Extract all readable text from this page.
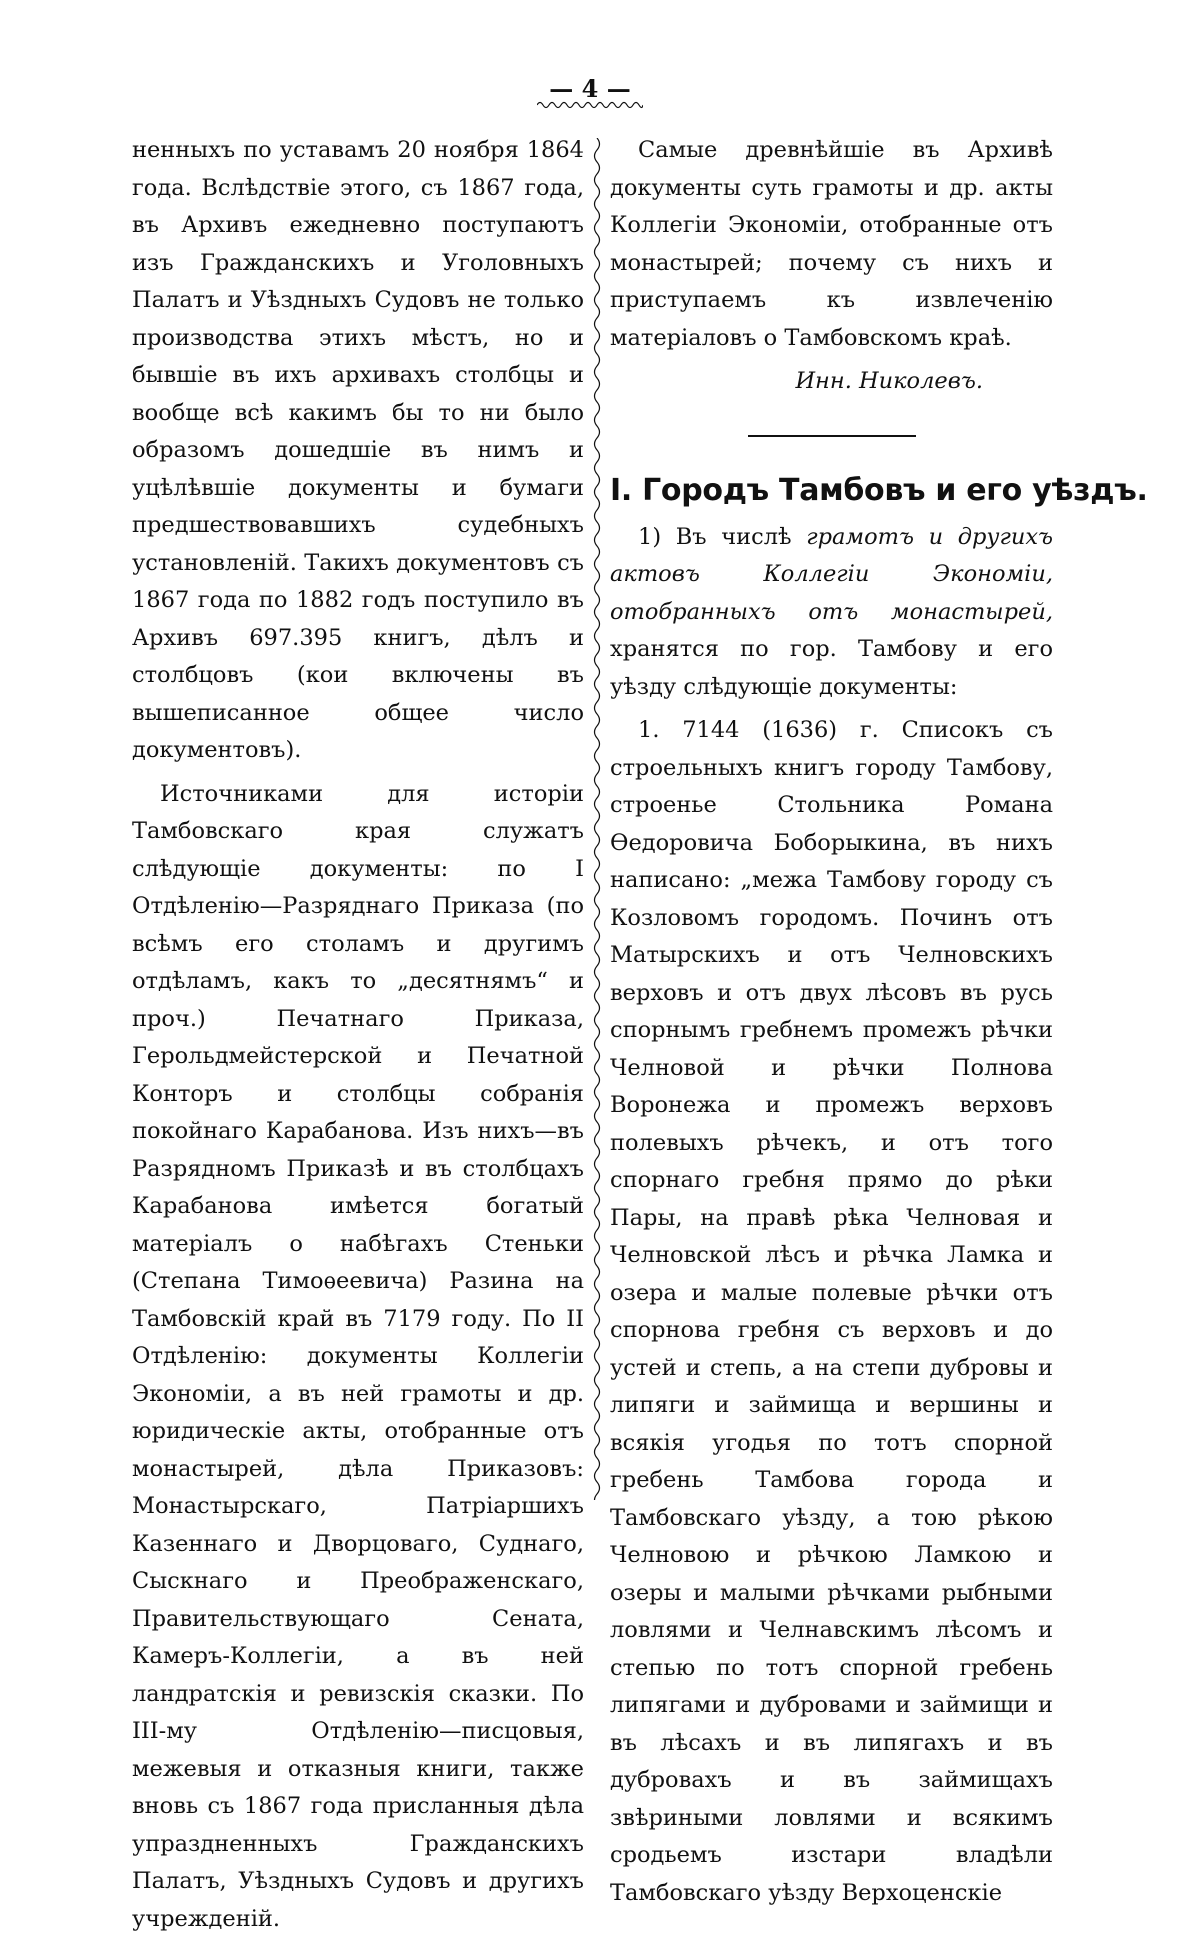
— 4 —

ненныхъ по уставамъ 20 ноября 1864 года. Вслѣдствіе этого, съ 1867 года, въ Архивъ ежедневно поступаютъ изъ Гражданскихъ и Уголовныхъ Палатъ и Уѣздныхъ Судовъ не только производства этихъ мѣстъ, но и бывшіе въ ихъ архивахъ столбцы и вообще всѣ какимъ бы то ни было образомъ дошедшіе въ нимъ и уцѣлѣвшіе документы и бумаги предшествовавшихъ судебныхъ установленій. Такихъ документовъ съ 1867 года по 1882 годъ поступило въ Архивъ 697.395 книгъ, дѣлъ и столбцовъ (кои включены въ вышеписанное общее число документовъ).

Источниками для исторіи Тамбовскаго края служатъ слѣдующіе документы: по I Отдѣленію—Разряднаго Приказа (по всѣмъ его столамъ и другимъ отдѣламъ, какъ то „десятнямъ“ и проч.) Печатнаго Приказа, Герольдмейстерской и Печатной Конторъ и столбцы собранія покойнаго Карабанова. Изъ нихъ—въ Разрядномъ Приказѣ и въ столбцахъ Карабанова имѣется богатый матеріалъ о набѣгахъ Стеньки (Степана Тимоѳеевича) Разина на Тамбовскій край въ 7179 году. По II Отдѣленію: документы Коллегіи Экономіи, а въ ней грамоты и др. юридическіе акты, отобранные отъ монастырей, дѣла Приказовъ: Монастырскаго, Патріаршихъ Казеннаго и Дворцоваго, Суднаго, Сыскнаго и Преображенскаго, Правительствующаго Сената, Камеръ-Коллегіи, а въ ней ландратскія и ревизскія сказки. По III-му Отдѣленію—писцовыя, межевыя и отказныя книги, также вновь съ 1867 года присланныя дѣла упраздненныхъ Гражданскихъ Палатъ, Уѣздныхъ Судовъ и другихъ учрежденій.

Самые древнѣйшіе въ Архивѣ документы суть грамоты и др. акты Коллегіи Экономіи, отобранные отъ монастырей; почему съ нихъ и приступаемъ къ извлеченію матеріаловъ о Тамбовскомъ краѣ.

Инн. Николевъ.

I. Городъ Тамбовъ и его уѣздъ.

1) Въ числѣ грамотъ и другихъ актовъ Коллегіи Экономіи, отобранныхъ отъ монастырей, хранятся по гор. Тамбову и его уѣзду слѣдующіе документы:

1. 7144 (1636) г. Списокъ съ строельныхъ книгъ городу Тамбову, строенье Стольника Романа Ѳедоровича Боборыкина, въ нихъ написано: „межа Тамбову городу съ Козловомъ городомъ. Починъ отъ Матырскихъ и отъ Челновскихъ верховъ и отъ двух лѣсовъ въ русь спорнымъ гребнемъ промежъ рѣчки Челновой и рѣчки Полнова Воронежа и промежъ верховъ полевыхъ рѣчекъ, и отъ того спорнаго гребня прямо до рѣки Пары, на правѣ рѣка Челновая и Челновской лѣсъ и рѣчка Ламка и озера и малые полевые рѣчки отъ спорнова гребня съ верховъ и до устей и степь, а на степи дубровы и липяги и займища и вершины и всякія угодья по тотъ спорной гребень Тамбова города и Тамбовскаго уѣзду, а тою рѣкою Челновою и рѣчкою Ламкою и озеры и малыми рѣчками рыбными ловлями и Челнавскимъ лѣсомъ и степью по тотъ спорной гребень липягами и дубровами и займищи и въ лѣсахъ и въ липягахъ и въ дубровахъ и въ займищахъ звѣриными ловлями и всякимъ сродьемъ изстари владѣли Тамбовскаго уѣзду Верхоценскіе
